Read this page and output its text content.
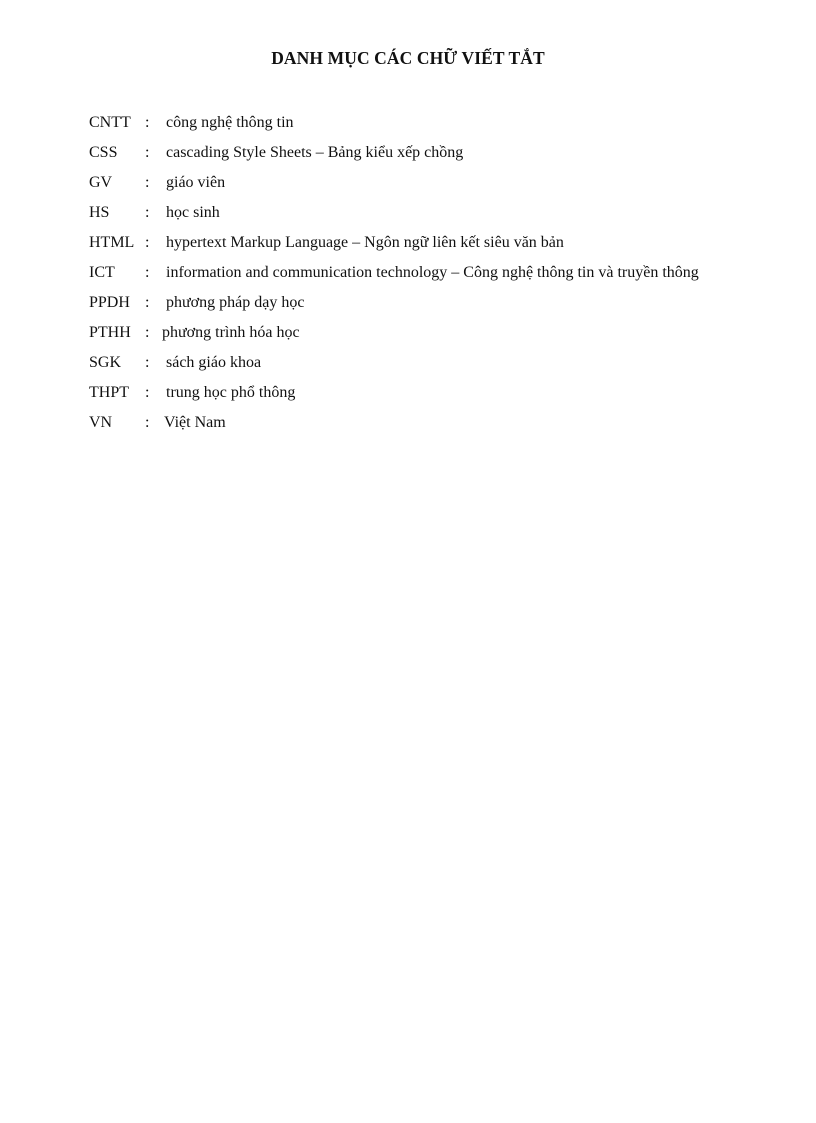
DANH MỤC CÁC CHỮ VIẾT TẮT
CNTT :	công nghệ thông tin
CSS	:	cascading Style Sheets – Bảng kiểu xếp chồng
GV	:	giáo viên
HS	:	học sinh
HTML :	hypertext Markup Language – Ngôn ngữ liên kết siêu văn bản
ICT	:	information and communication technology – Công nghệ thông tin và truyền thông
PPDH :	phương pháp dạy học
PTHH : phương trình hóa học
SGK	:	sách giáo khoa
THPT	:	trung học phổ thông
VN	: Việt Nam
